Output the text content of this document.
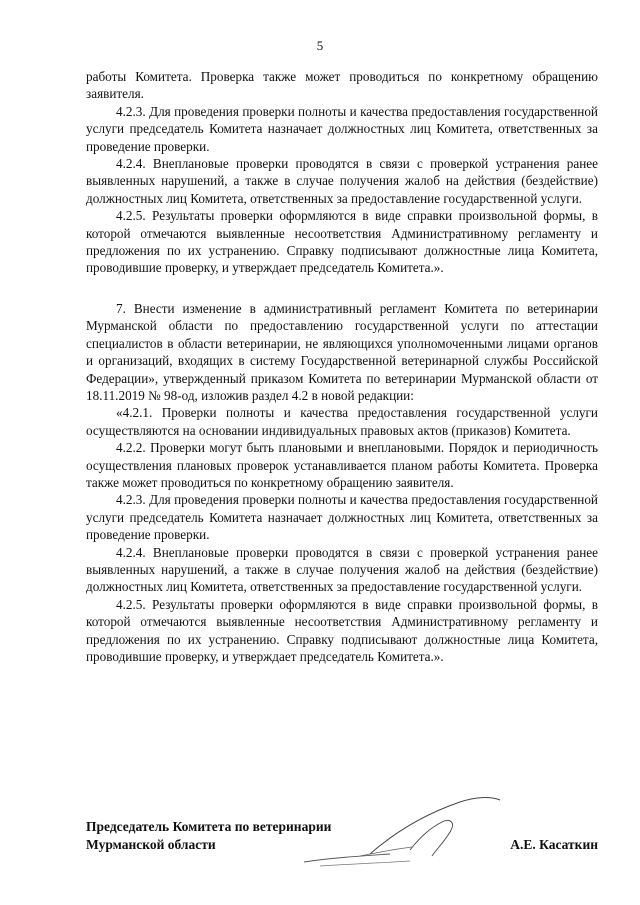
5

работы Комитета. Проверка также может проводиться по конкретному обращению заявителя.

4.2.3. Для проведения проверки полноты и качества предоставления государственной услуги председатель Комитета назначает должностных лиц Комитета, ответственных за проведение проверки.

4.2.4. Внеплановые проверки проводятся в связи с проверкой устранения ранее выявленных нарушений, а также в случае получения жалоб на действия (бездействие) должностных лиц Комитета, ответственных за предоставление государственной услуги.

4.2.5. Результаты проверки оформляются в виде справки произвольной формы, в которой отмечаются выявленные несоответствия Административному регламенту и предложения по их устранению. Справку подписывают должностные лица Комитета, проводившие проверку, и утверждает председатель Комитета.».

7. Внести изменение в административный регламент Комитета по ветеринарии Мурманской области по предоставлению государственной услуги по аттестации специалистов в области ветеринарии, не являющихся уполномоченными лицами органов и организаций, входящих в систему Государственной ветеринарной службы Российской Федерации», утвержденный приказом Комитета по ветеринарии Мурманской области от 18.11.2019 № 98-од, изложив раздел 4.2 в новой редакции:

«4.2.1. Проверки полноты и качества предоставления государственной услуги осуществляются на основании индивидуальных правовых актов (приказов) Комитета.

4.2.2. Проверки могут быть плановыми и внеплановыми. Порядок и периодичность осуществления плановых проверок устанавливается планом работы Комитета. Проверка также может проводиться по конкретному обращению заявителя.

4.2.3. Для проведения проверки полноты и качества предоставления государственной услуги председатель Комитета назначает должностных лиц Комитета, ответственных за проведение проверки.

4.2.4. Внеплановые проверки проводятся в связи с проверкой устранения ранее выявленных нарушений, а также в случае получения жалоб на действия (бездействие) должностных лиц Комитета, ответственных за предоставление государственной услуги.

4.2.5. Результаты проверки оформляются в виде справки произвольной формы, в которой отмечаются выявленные несоответствия Административному регламенту и предложения по их устранению. Справку подписывают должностные лица Комитета, проводившие проверку, и утверждает председатель Комитета.».

Председатель Комитета по ветеринарии
Мурманской области	А.Е. Касаткин
